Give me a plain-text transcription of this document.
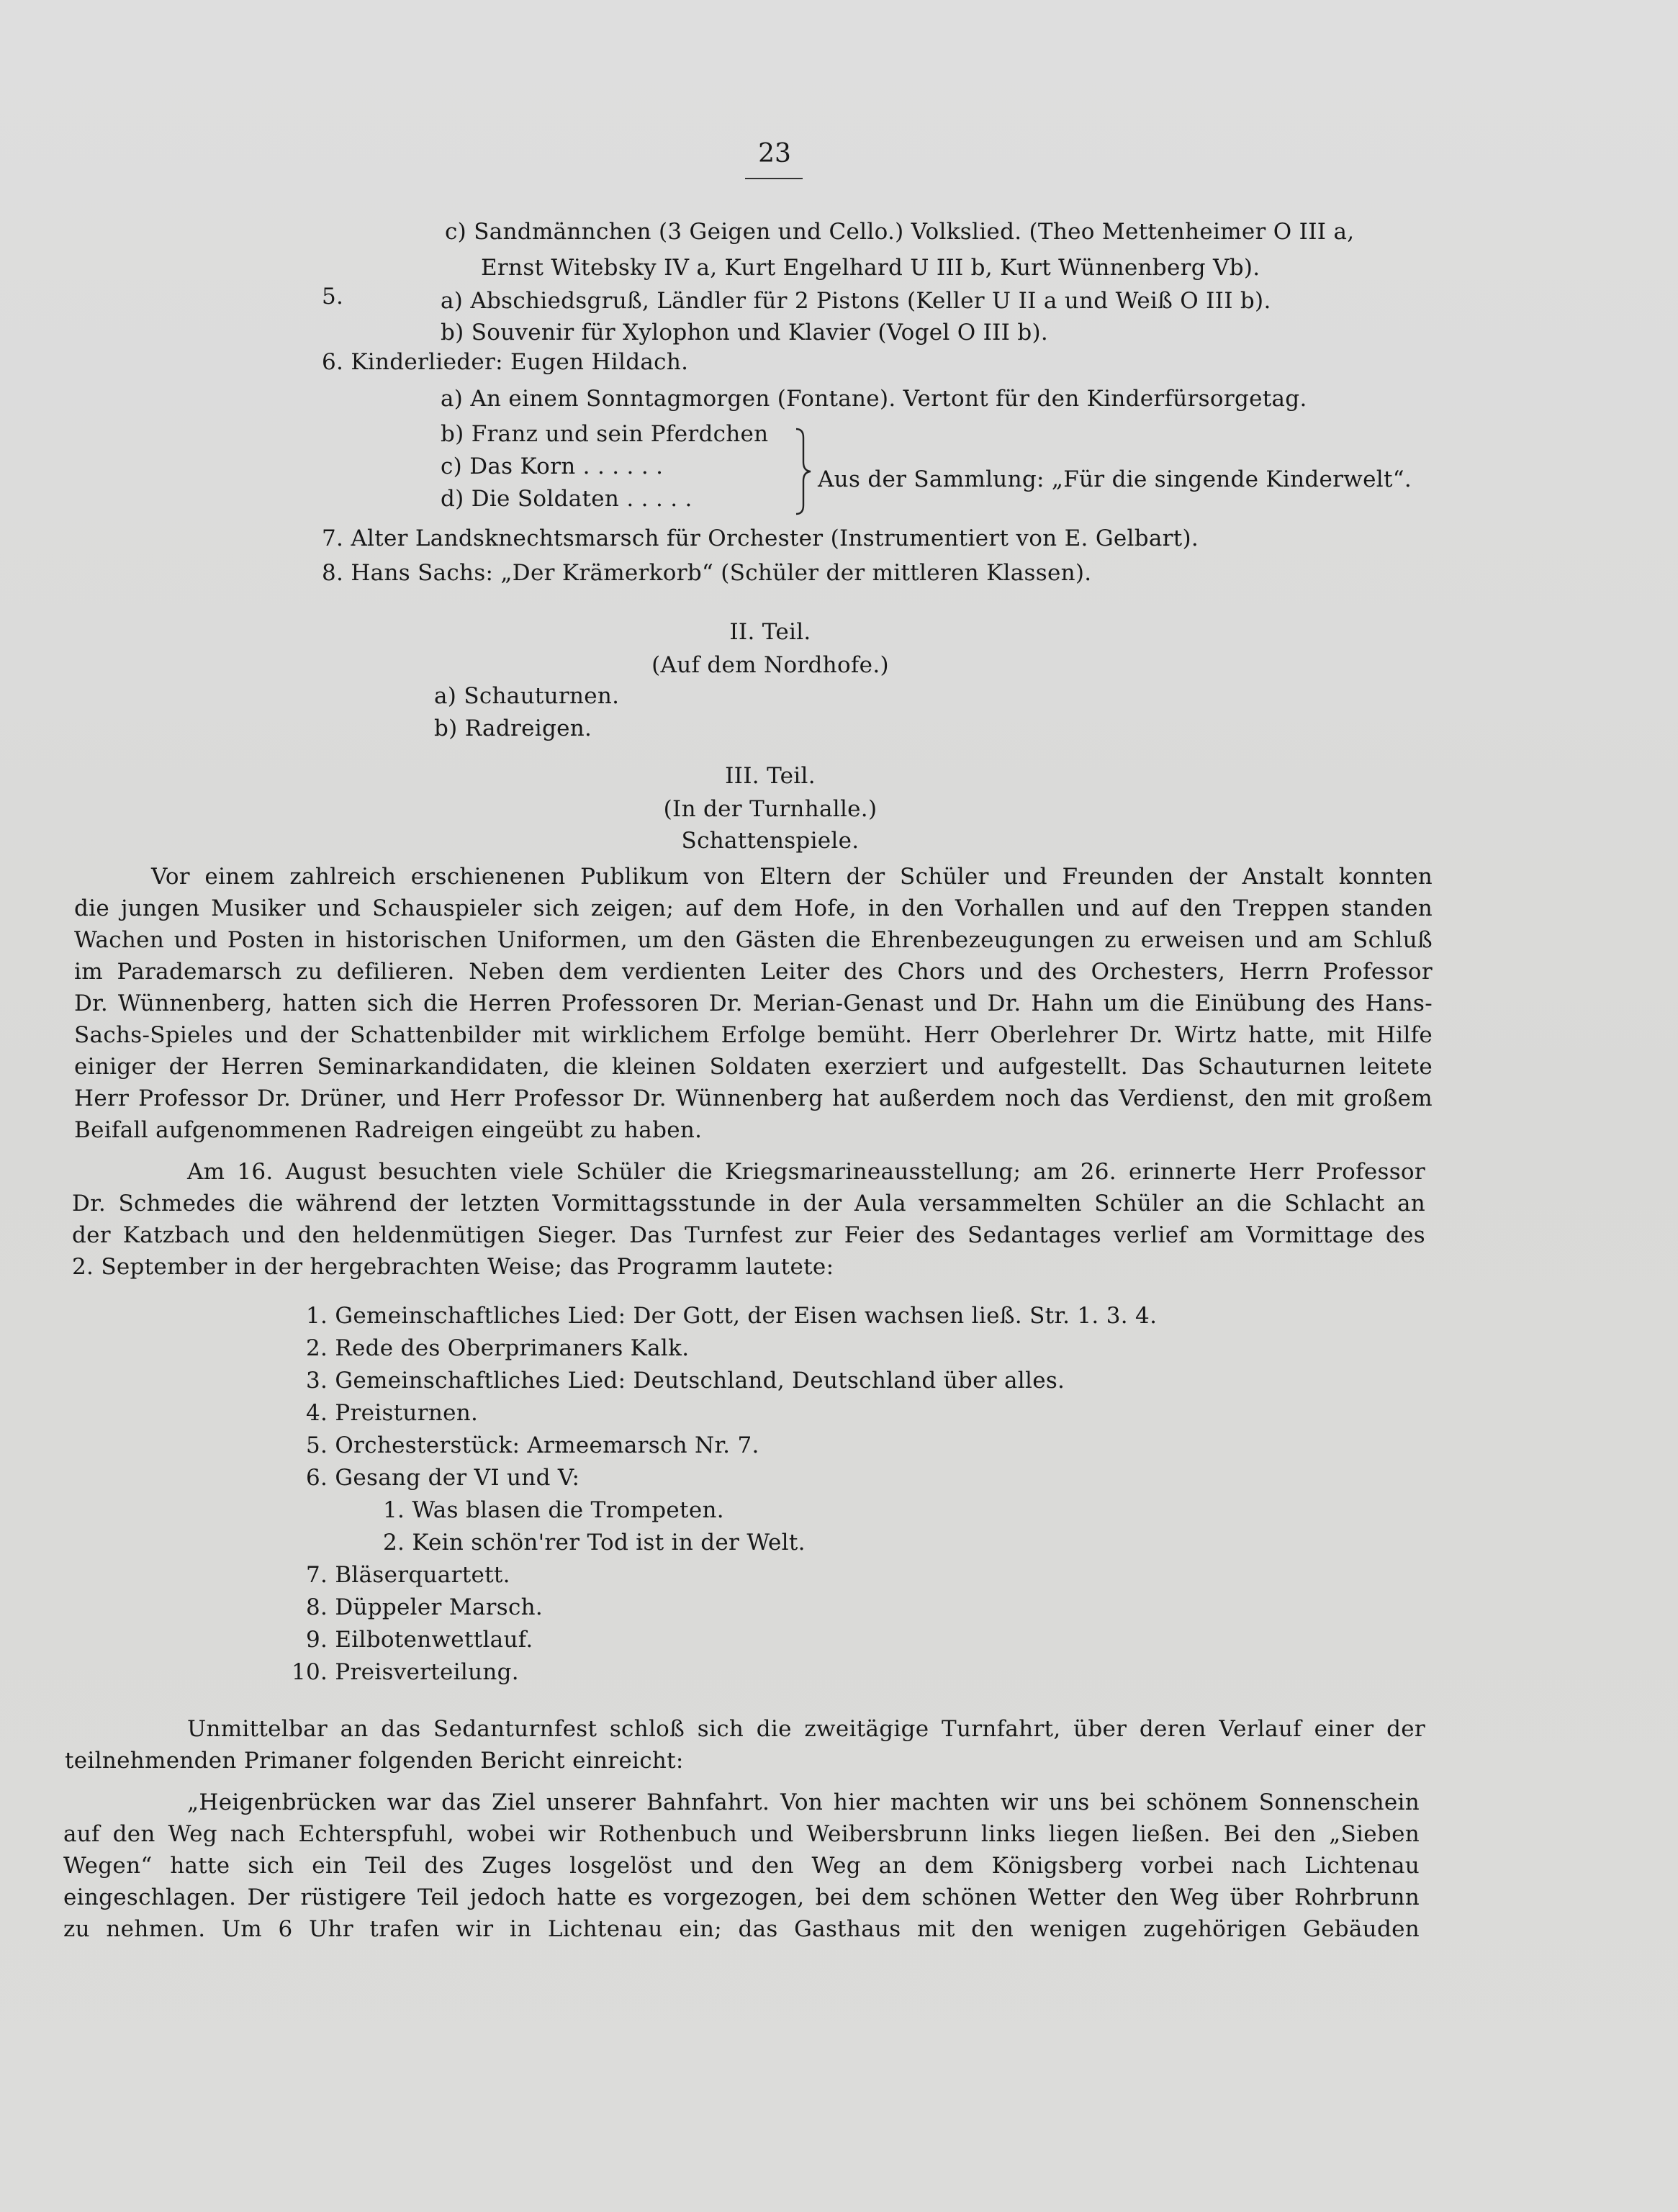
23
c) Sandmännchen (3 Geigen und Cello.) Volkslied. (Theo Mettenheimer O III a,
Ernst Witebsky IV a, Kurt Engelhard U III b, Kurt Wünnenberg Vb).
5.	a) Abschiedsgruß, Ländler für 2 Pistons (Keller U II a und Weiß O III b).
b) Souvenir für Xylophon und Klavier (Vogel O III b).
6. Kinderlieder: Eugen Hildach.
a) An einem Sonntagmorgen (Fontane). Vertont für den Kinderfürsorgetag.
b) Franz und sein Pferdchen
c) Das Korn . . . . . .
d) Die Soldaten . . . . .
Aus der Sammlung: „Für die singende Kinderwelt“.
7. Alter Landsknechtsmarsch für Orchester (Instrumentiert von E. Gelbart).
8. Hans Sachs: „Der Krämerkorb“ (Schüler der mittleren Klassen).
II. Teil.
(Auf dem Nordhofe.)
a) Schauturnen.
b) Radreigen.
III. Teil.
(In der Turnhalle.)
Schattenspiele.
Vor einem zahlreich erschienenen Publikum von Eltern der Schüler und Freunden der Anstalt konnten
die jungen Musiker und Schauspieler sich zeigen; auf dem Hofe, in den Vorhallen und auf den Treppen standen
Wachen und Posten in historischen Uniformen, um den Gästen die Ehrenbezeugungen zu erweisen und am Schluß
im Parademarsch zu defilieren. Neben dem verdienten Leiter des Chors und des Orchesters, Herrn Professor
Dr. Wünnenberg, hatten sich die Herren Professoren Dr. Merian-Genast und Dr. Hahn um die Einübung des Hans-
Sachs-Spieles und der Schattenbilder mit wirklichem Erfolge bemüht. Herr Oberlehrer Dr. Wirtz hatte, mit Hilfe
einiger der Herren Seminarkandidaten, die kleinen Soldaten exerziert und aufgestellt. Das Schauturnen leitete
Herr Professor Dr. Drüner, und Herr Professor Dr. Wünnenberg hat außerdem noch das Verdienst, den mit großem
Beifall aufgenommenen Radreigen eingeübt zu haben.
Am 16. August besuchten viele Schüler die Kriegsmarineausstellung; am 26. erinnerte Herr Professor
Dr. Schmedes die während der letzten Vormittagsstunde in der Aula versammelten Schüler an die Schlacht an
der Katzbach und den heldenmütigen Sieger. Das Turnfest zur Feier des Sedantages verlief am Vormittage des
2. September in der hergebrachten Weise; das Programm lautete:
1. Gemeinschaftliches Lied: Der Gott, der Eisen wachsen ließ. Str. 1. 3. 4.
2. Rede des Oberprimaners Kalk.
3. Gemeinschaftliches Lied: Deutschland, Deutschland über alles.
4. Preisturnen.
5. Orchesterstück: Armeemarsch Nr. 7.
6. Gesang der VI und V:
1. Was blasen die Trompeten.
2. Kein schön'rer Tod ist in der Welt.
7. Bläserquartett.
8. Düppeler Marsch.
9. Eilbotenwettlauf.
10. Preisverteilung.
Unmittelbar an das Sedanturnfest schloß sich die zweitägige Turnfahrt, über deren Verlauf einer der
teilnehmenden Primaner folgenden Bericht einreicht:
„Heigenbrücken war das Ziel unserer Bahnfahrt. Von hier machten wir uns bei schönem Sonnenschein
auf den Weg nach Echterspfuhl, wobei wir Rothenbuch und Weibersbrunn links liegen ließen. Bei den „Sieben
Wegen“ hatte sich ein Teil des Zuges losgelöst und den Weg an dem Königsberg vorbei nach Lichtenau
eingeschlagen. Der rüstigere Teil jedoch hatte es vorgezogen, bei dem schönen Wetter den Weg über Rohrbrunn
zu nehmen. Um 6 Uhr trafen wir in Lichtenau ein; das Gasthaus mit den wenigen zugehörigen Gebäuden
